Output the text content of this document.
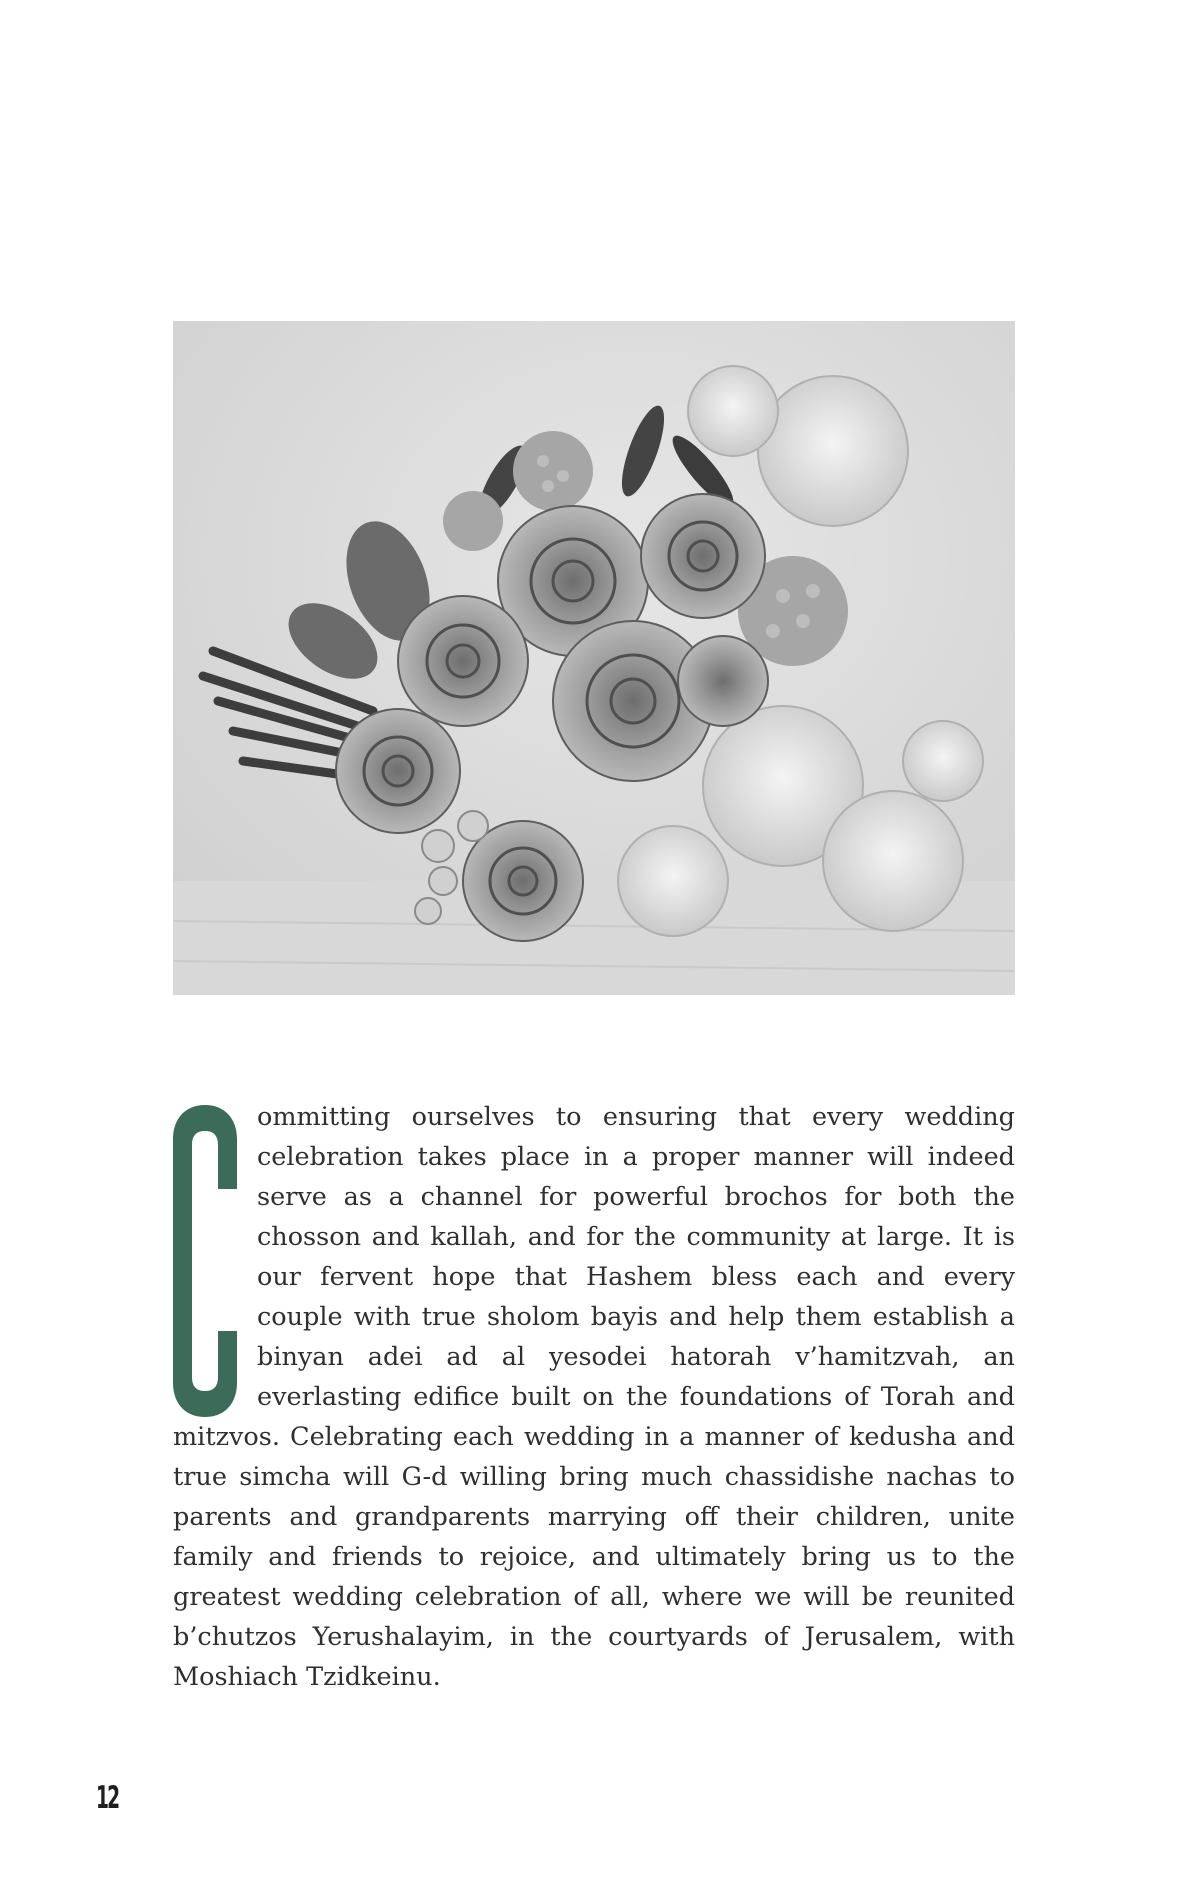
ommitting ourselves to ensuring that every wedding celebration takes place in a proper manner will indeed serve as a channel for powerful brochos for both the chosson and kallah, and for the community at large. It is our fervent hope that Hashem bless each and every couple with true sholom bayis and help them establish a binyan adei ad al yesodei hatorah v’hamitzvah, an everlasting edifice built on the foundations of Torah and mitzvos. Celebrating each wedding in a manner of kedusha and true simcha will G-d willing bring much chassidishe nachas to parents and grandparents marrying off their children, unite family and friends to rejoice, and ultimately bring us to the greatest wedding celebration of all, where we will be reunited b’chutzos Yerushalayim, in the courtyards of Jerusalem, with Moshiach Tzidkeinu.
12
